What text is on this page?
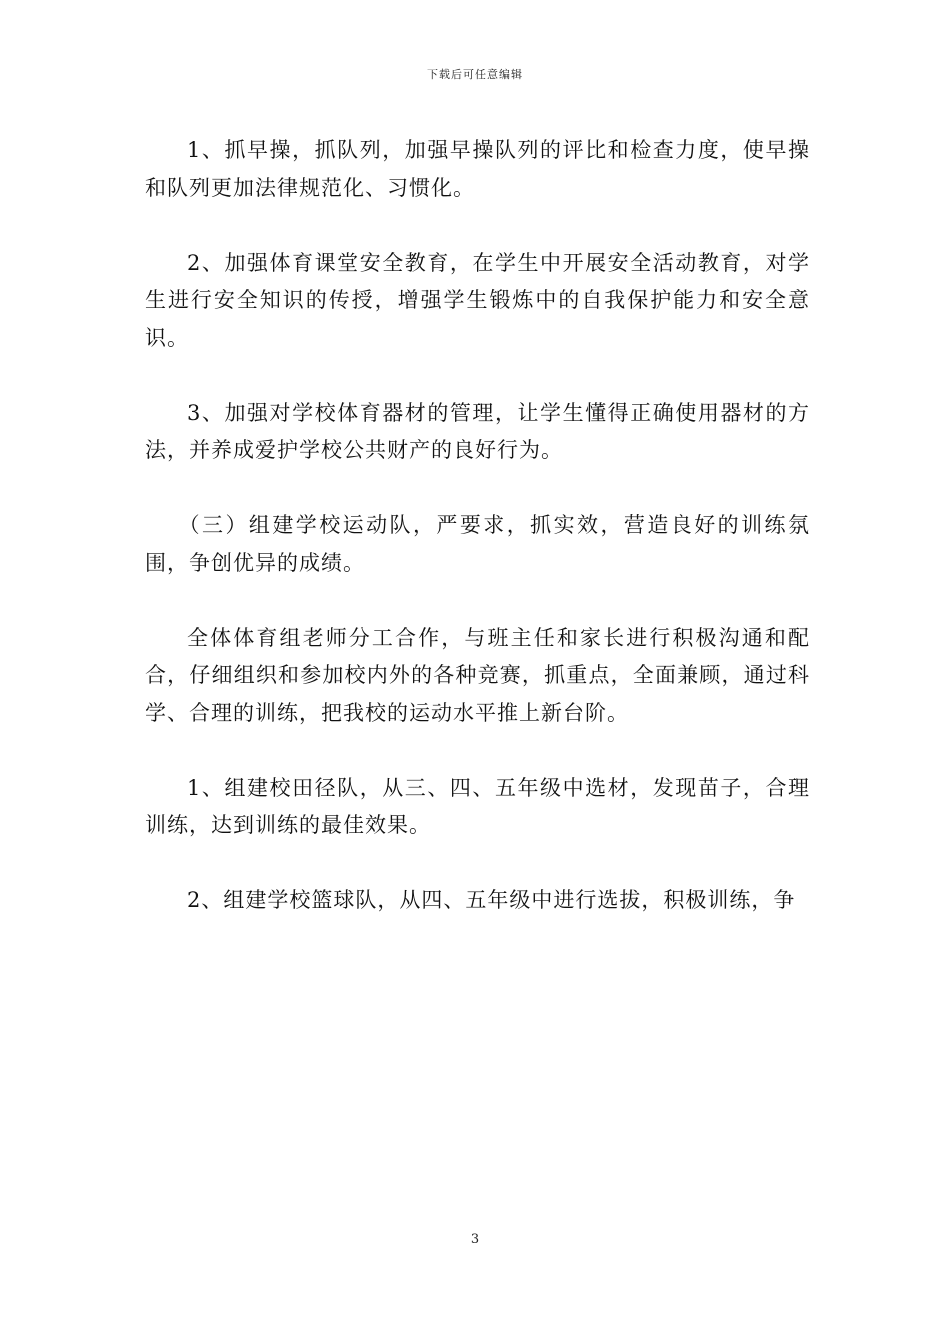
下载后可任意编辑

1、抓早操，抓队列，加强早操队列的评比和检查力度，使早操和队列更加法律规范化、习惯化。

2、加强体育课堂安全教育，在学生中开展安全活动教育，对学生进行安全知识的传授，增强学生锻炼中的自我保护能力和安全意识。

3、加强对学校体育器材的管理，让学生懂得正确使用器材的方法，并养成爱护学校公共财产的良好行为。

（三）组建学校运动队，严要求，抓实效，营造良好的训练氛围，争创优异的成绩。

全体体育组老师分工合作，与班主任和家长进行积极沟通和配合，仔细组织和参加校内外的各种竞赛，抓重点，全面兼顾，通过科学、合理的训练，把我校的运动水平推上新台阶。

1、组建校田径队，从三、四、五年级中选材，发现苗子，合理训练，达到训练的最佳效果。

2、组建学校篮球队，从四、五年级中进行选拔，积极训练，争

3
